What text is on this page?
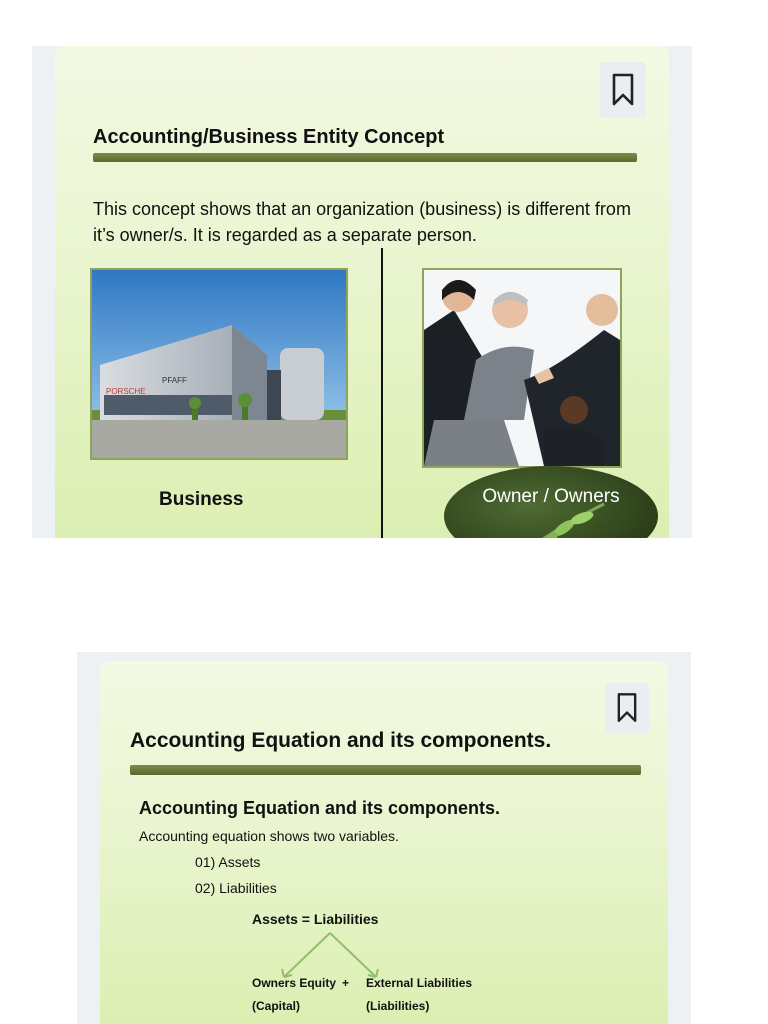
Accounting/Business Entity Concept
This concept shows that an organization (business) is different from it’s owner/s. It is regarded as a separate person.
PORSCHE
PFAFF
Business	Owner / Owners
Accounting Equation and its components.
Accounting Equation and its components.
Accounting equation shows two variables.
01) Assets
02) Liabilities
Assets = Liabilities
Owners Equity + External Liabilities
(Capital)	(Liabilities)
